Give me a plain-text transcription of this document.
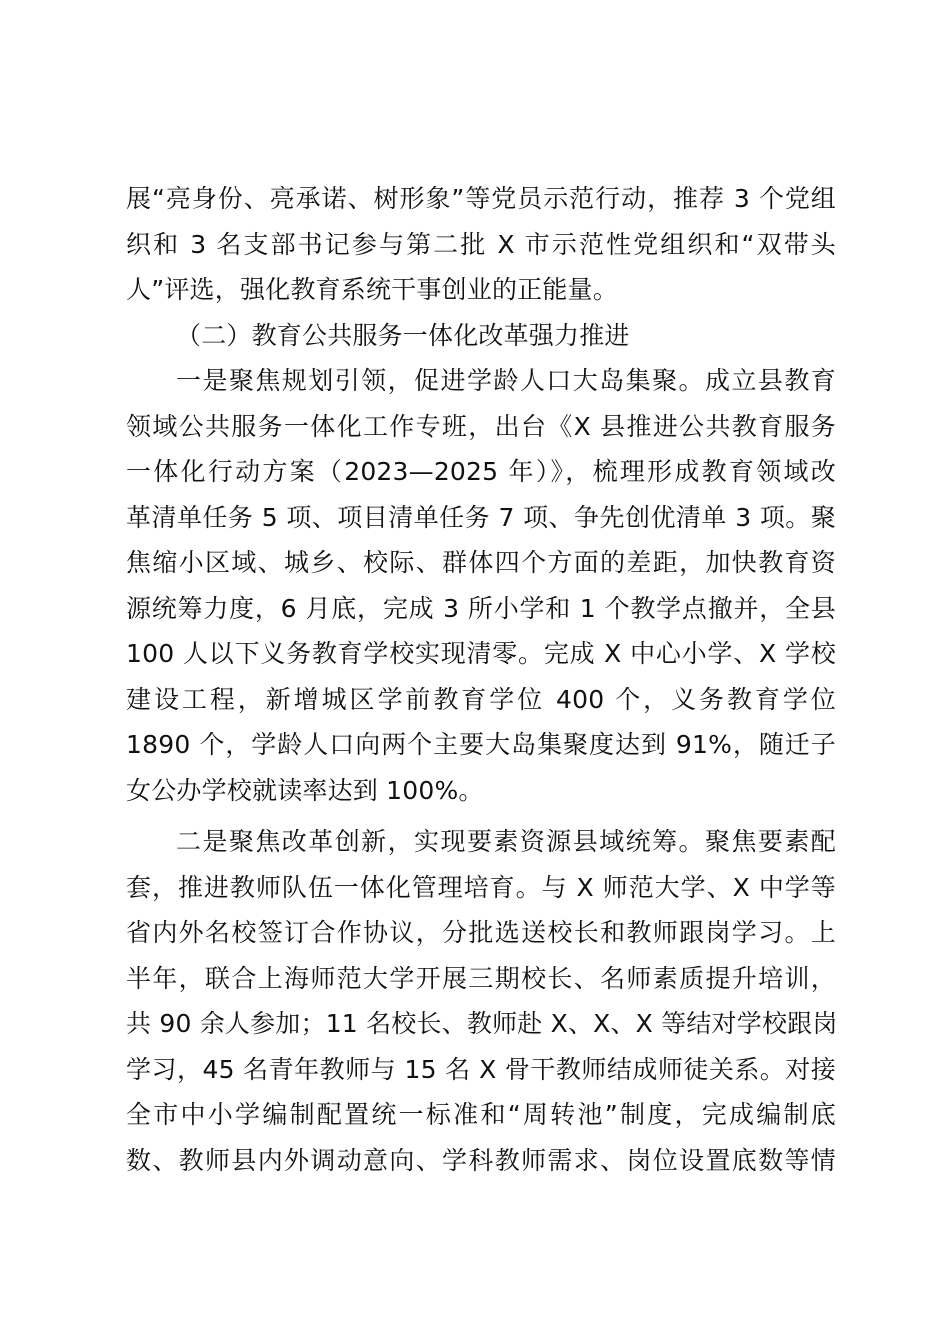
展“亮身份、亮承诺、树形象”等党员示范行动，推荐 3 个党组
织和 3 名支部书记参与第二批 X 市示范性党组织和“双带头
人”评选，强化教育系统干事创业的正能量。
（二）教育公共服务一体化改革强力推进
一是聚焦规划引领，促进学龄人口大岛集聚。成立县教育
领域公共服务一体化工作专班，出台《X 县推进公共教育服务
一体化行动方案（2023—2025 年）》，梳理形成教育领域改
革清单任务 5 项、项目清单任务 7 项、争先创优清单 3 项。聚
焦缩小区域、城乡、校际、群体四个方面的差距，加快教育资
源统筹力度，6 月底，完成 3 所小学和 1 个教学点撤并，全县
100 人以下义务教育学校实现清零。完成 X 中心小学、X 学校
建设工程，新增城区学前教育学位 400 个，义务教育学位
1890 个，学龄人口向两个主要大岛集聚度达到 91%，随迁子
女公办学校就读率达到 100%。
二是聚焦改革创新，实现要素资源县域统筹。聚焦要素配
套，推进教师队伍一体化管理培育。与 X 师范大学、X 中学等
省内外名校签订合作协议，分批选送校长和教师跟岗学习。上
半年，联合上海师范大学开展三期校长、名师素质提升培训，
共 90 余人参加；11 名校长、教师赴 X、X、X 等结对学校跟岗
学习，45 名青年教师与 15 名 X 骨干教师结成师徒关系。对接
全市中小学编制配置统一标准和“周转池”制度，完成编制底
数、教师县内外调动意向、学科教师需求、岗位设置底数等情
